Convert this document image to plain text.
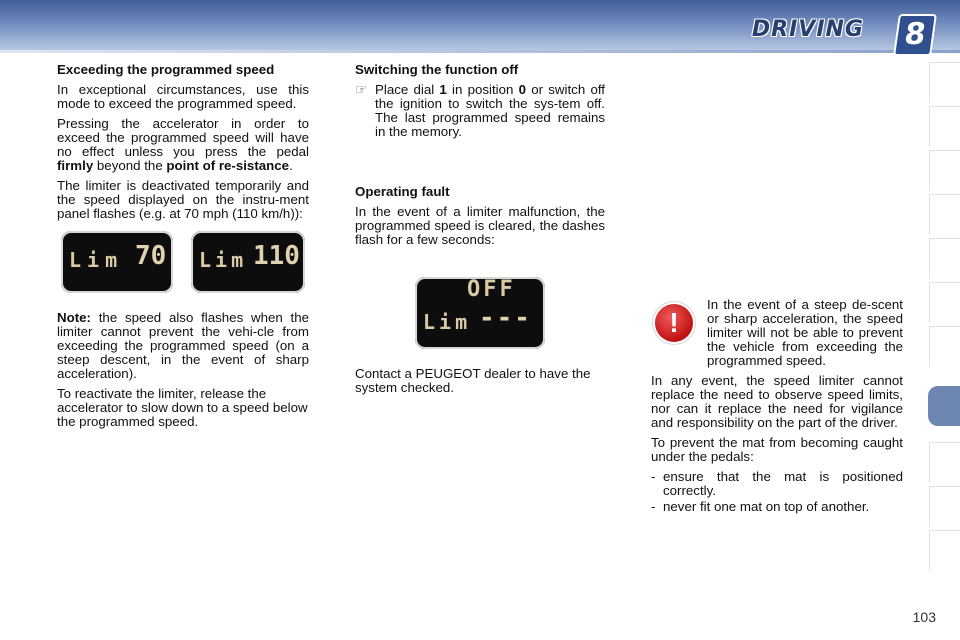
DRIVING	8
Exceeding the programmed speed

In exceptional circumstances, use this mode to exceed the programmed speed.

Pressing the accelerator in order to exceed the programmed speed will have no effect unless you press the pedal firmly beyond the point of re-sistance.

The limiter is deactivated temporarily and the speed displayed on the instru-ment panel flashes (e.g. at 70 mph (110 km/h)):

Lim 70 Lim 110

Note: the speed also flashes when the limiter cannot prevent the vehi-cle from exceeding the programmed speed (on a steep descent, in the event of sharp acceleration).

To reactivate the limiter, release the accelerator to slow down to a speed below the programmed speed.

Switching the function off
☞ Place dial 1 in position 0 or switch off the ignition to switch the sys-tem off. The last programmed speed remains in the memory.
Operating fault

In the event of a limiter malfunction, the programmed speed is cleared, the dashes flash for a few seconds:

OFF
Lim ---

Contact a PEUGEOT dealer to have the system checked.

In the event of a steep de-scent or sharp acceleration, the speed limiter will not be able to prevent the vehicle from exceeding the programmed speed.

In any event, the speed limiter cannot replace the need to observe speed limits, nor can it replace the need for vigilance and responsibility on the part of the driver.

To prevent the mat from becoming caught under the pedals:

- ensure that the mat is positioned correctly.
- never fit one mat on top of another.
!
103
